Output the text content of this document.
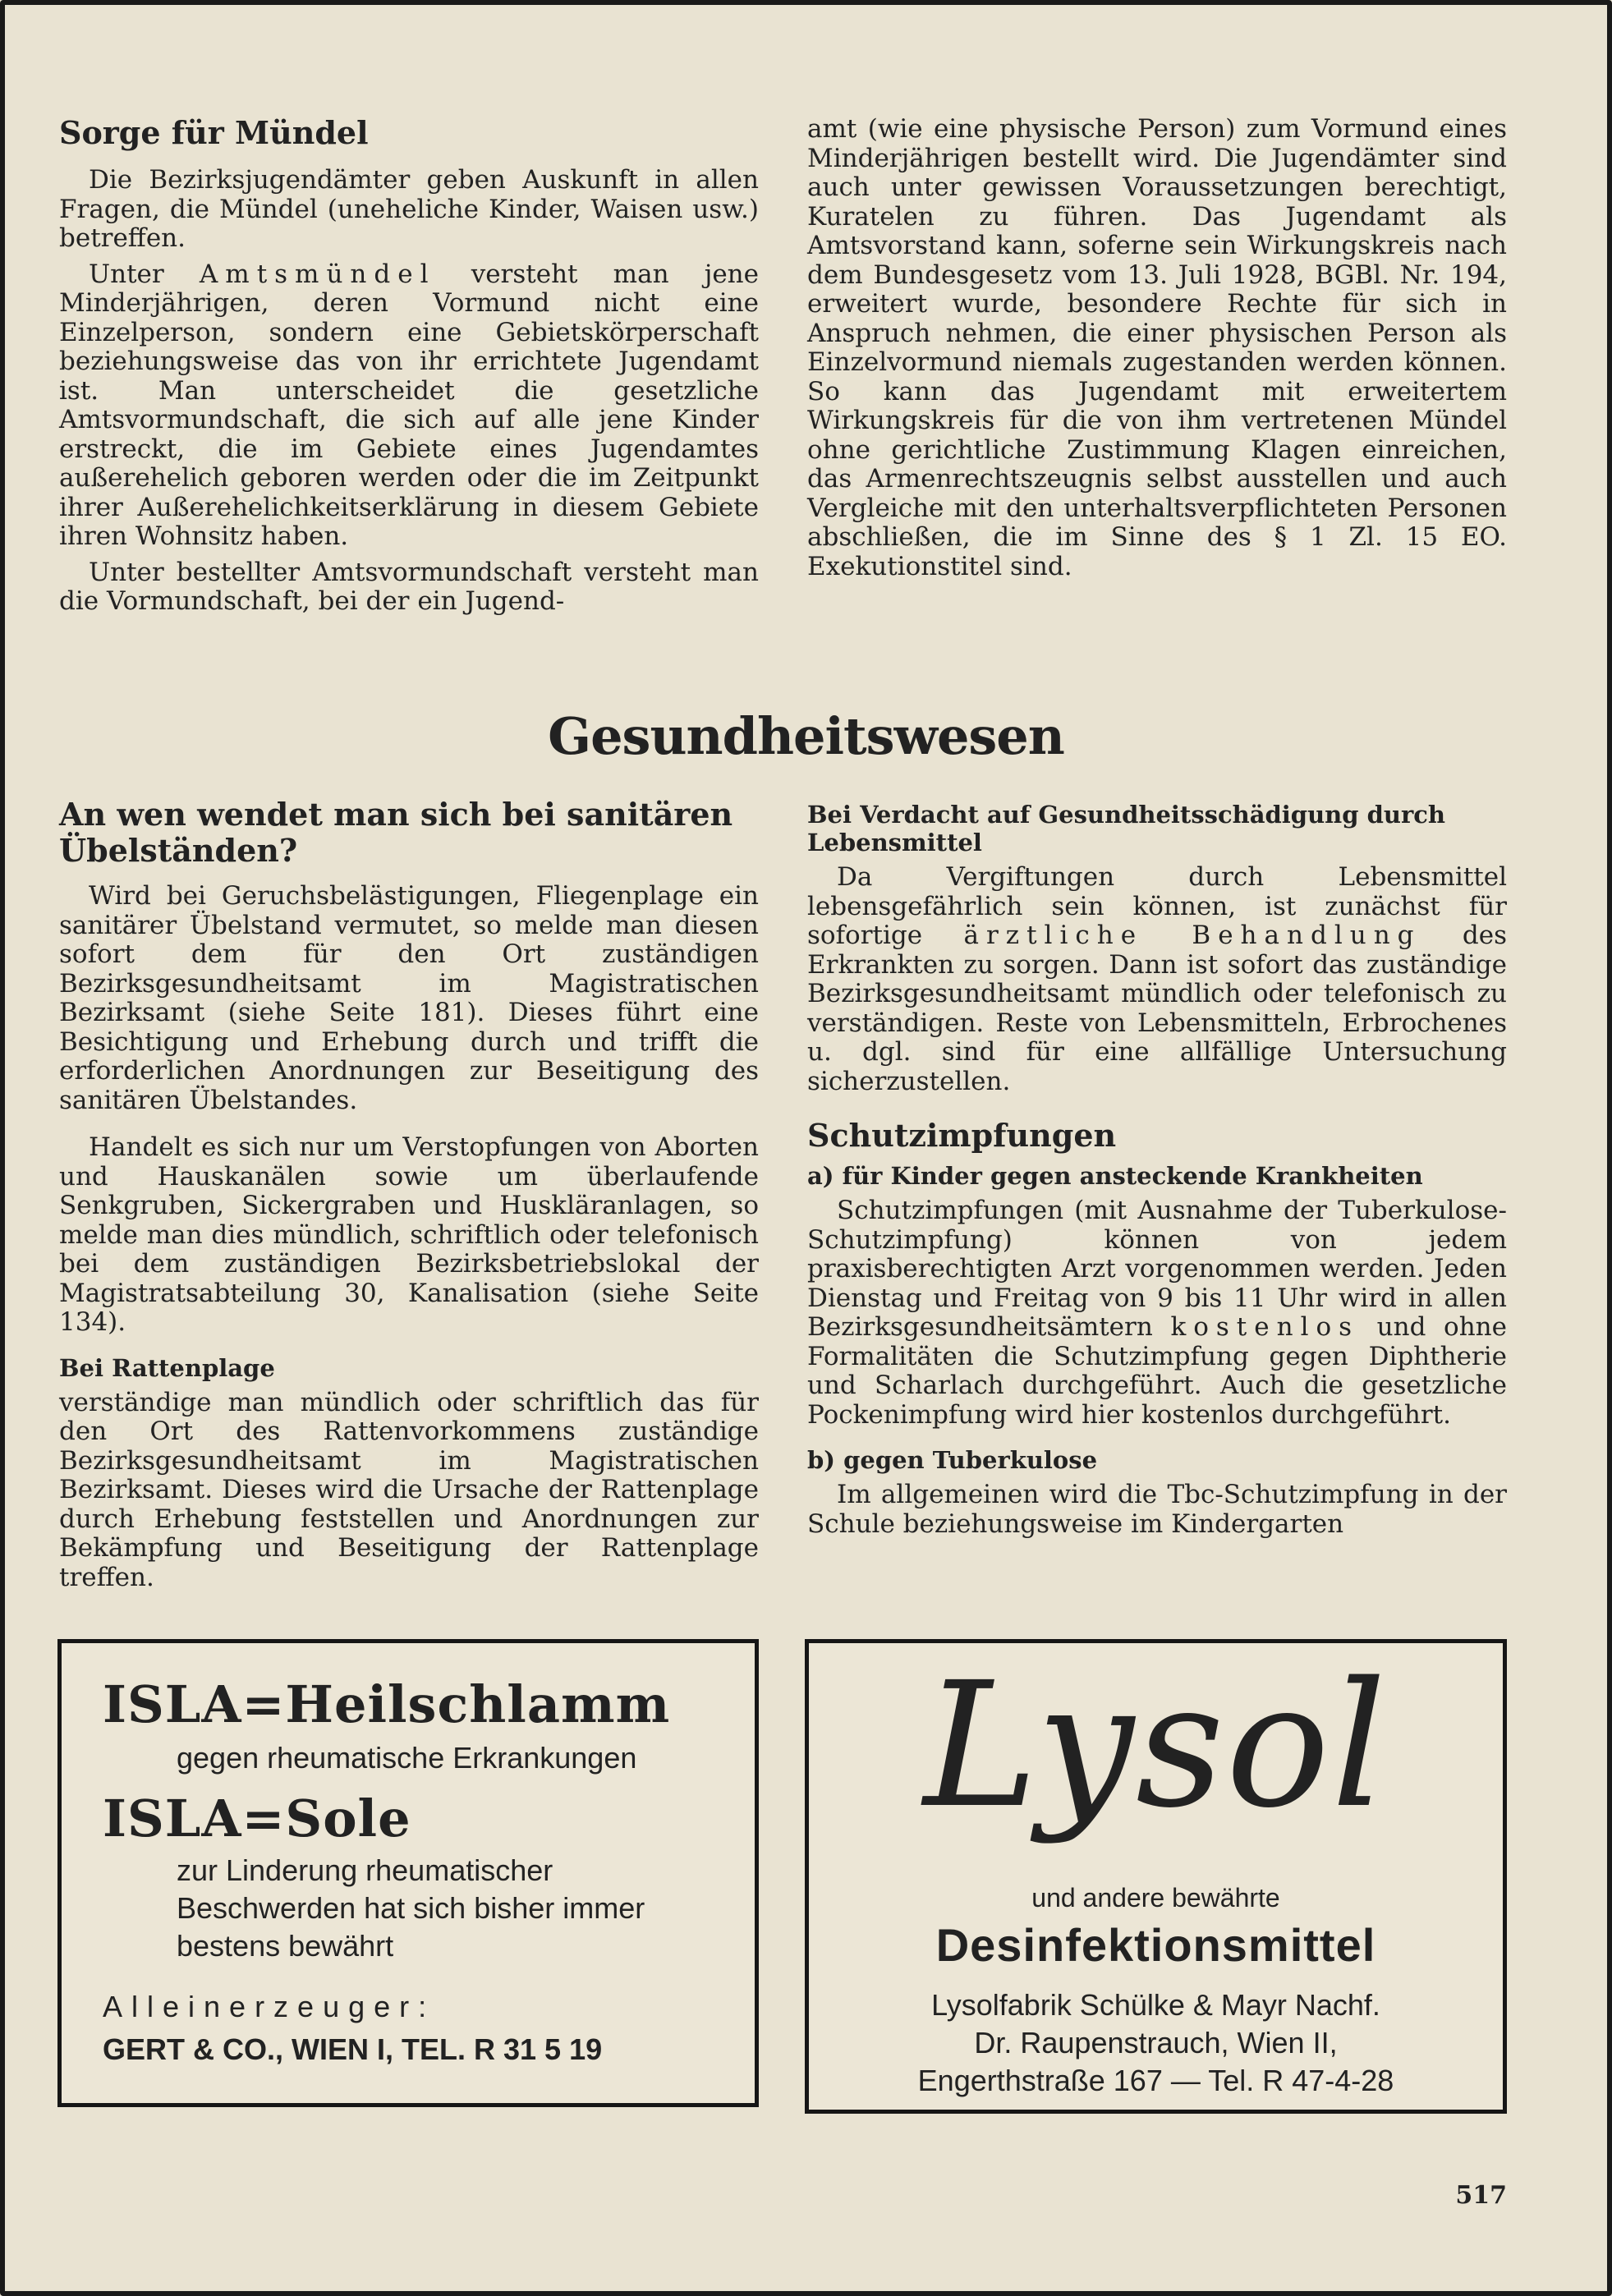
Sorge für Mündel

Die Bezirksjugendämter geben Auskunft in allen Fragen, die Mündel (uneheliche Kinder, Waisen usw.) betreffen.

Unter Amtsmündel versteht man jene Minderjährigen, deren Vormund nicht eine Einzelperson, sondern eine Gebietskörperschaft beziehungsweise das von ihr errichtete Jugendamt ist. Man unterscheidet die gesetzliche Amtsvormundschaft, die sich auf alle jene Kinder erstreckt, die im Gebiete eines Jugendamtes außerehelich geboren werden oder die im Zeitpunkt ihrer Außerehelichkeitserklärung in diesem Gebiete ihren Wohnsitz haben.

Unter bestellter Amtsvormundschaft versteht man die Vormundschaft, bei der ein Jugend-

amt (wie eine physische Person) zum Vormund eines Minderjährigen bestellt wird. Die Jugendämter sind auch unter gewissen Voraussetzungen berechtigt, Kuratelen zu führen. Das Jugendamt als Amtsvorstand kann, soferne sein Wirkungskreis nach dem Bundesgesetz vom 13. Juli 1928, BGBl. Nr. 194, erweitert wurde, besondere Rechte für sich in Anspruch nehmen, die einer physischen Person als Einzelvormund niemals zugestanden werden können. So kann das Jugendamt mit erweitertem Wirkungskreis für die von ihm vertretenen Mündel ohne gerichtliche Zustimmung Klagen einreichen, das Armenrechtszeugnis selbst ausstellen und auch Vergleiche mit den unterhaltsverpflichteten Personen abschließen, die im Sinne des § 1 Zl. 15 EO. Exekutionstitel sind.

Gesundheitswesen
An wen wendet man sich bei sanitären Übelständen?

Wird bei Geruchsbelästigungen, Fliegenplage ein sanitärer Übelstand vermutet, so melde man diesen sofort dem für den Ort zuständigen Bezirksgesundheitsamt im Magistratischen Bezirksamt (siehe Seite 181). Dieses führt eine Besichtigung und Erhebung durch und trifft die erforderlichen Anordnungen zur Beseitigung des sanitären Übelstandes.

Handelt es sich nur um Verstopfungen von Aborten und Hauskanälen sowie um überlaufende Senkgruben, Sickergraben und Huskläranlagen, so melde man dies mündlich, schriftlich oder telefonisch bei dem zuständigen Bezirksbetriebslokal der Magistratsabteilung 30, Kanalisation (siehe Seite 134).

Bei Rattenplage

verständige man mündlich oder schriftlich das für den Ort des Rattenvorkommens zuständige Bezirksgesundheitsamt im Magistratischen Bezirksamt. Dieses wird die Ursache der Rattenplage durch Erhebung feststellen und Anordnungen zur Bekämpfung und Beseitigung der Rattenplage treffen.

Bei Verdacht auf Gesundheitsschädigung durch Lebensmittel

Da Vergiftungen durch Lebensmittel lebensgefährlich sein können, ist zunächst für sofortige ärztliche Behandlung des Erkrankten zu sorgen. Dann ist sofort das zuständige Bezirksgesundheitsamt mündlich oder telefonisch zu verständigen. Reste von Lebensmitteln, Erbrochenes u. dgl. sind für eine allfällige Untersuchung sicherzustellen.

Schutzimpfungen
a) für Kinder gegen ansteckende Krankheiten

Schutzimpfungen (mit Ausnahme der Tuberkulose-Schutzimpfung) können von jedem praxisberechtigten Arzt vorgenommen werden. Jeden Dienstag und Freitag von 9 bis 11 Uhr wird in allen Bezirksgesundheitsämtern kostenlos und ohne Formalitäten die Schutzimpfung gegen Diphtherie und Scharlach durchgeführt. Auch die gesetzliche Pockenimpfung wird hier kostenlos durchgeführt.

b) gegen Tuberkulose

Im allgemeinen wird die Tbc-Schutzimpfung in der Schule beziehungsweise im Kindergarten

ISLA=Heilschlamm

gegen rheumatische Erkrankungen

ISLA=Sole

zur Linderung rheumatischer Beschwerden hat sich bisher immer bestens bewährt

Alleinerzeuger:

GERT & CO., WIEN I, TEL. R 31 5 19

Lysol

und andere bewährte

Desinfektionsmittel

Lysolfabrik Schülke & Mayr Nachf.

Dr. Raupenstrauch, Wien II,

Engerthstraße 167 — Tel. R 47-4-28

517
